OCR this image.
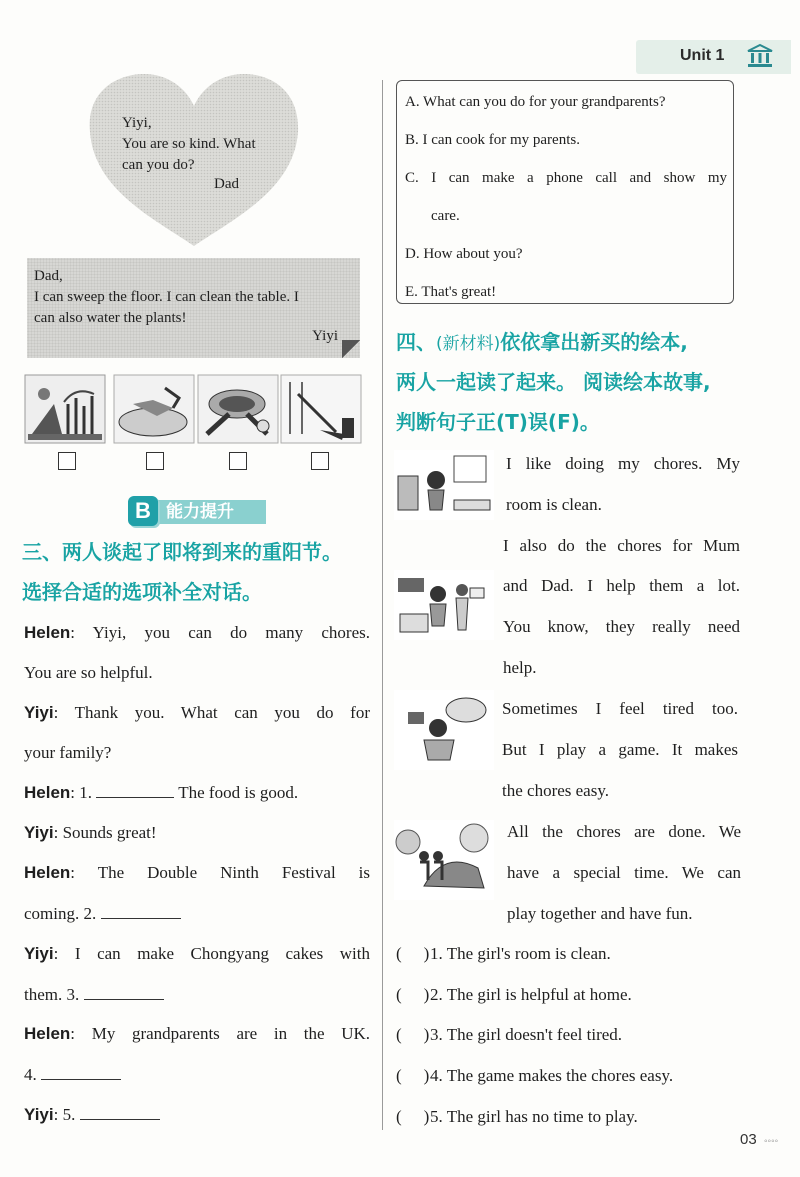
Unit 1
Yiyi,
You are so kind. What
can you do?
Dad
Dad,
I can sweep the floor. I can clean the table. I
can also water the plants!
Yiyi
能力提升
B
三、两人谈起了即将到来的重阳节。
选择合适的选项补全对话。
Helen: Yiyi, you can do many chores.
You are so helpful.
Yiyi: Thank you. What can you do for
your family?
Helen: 1.	The food is good.
Yiyi: Sounds great!
Helen: The Double Ninth Festival is
coming. 2.
Yiyi: I can make Chongyang cakes with
them. 3.
Helen: My grandparents are in the UK.
4.
Yiyi: 5.
A. What can you do for your grandparents?
B. I can cook for my parents.
C. I can make a phone call and show my
care.
D. How about you?
E. That's great!
四、(新材料)依依拿出新买的绘本,
两人一起读了起来。 阅读绘本故事,
判断句子正(T)误(F)。
I like doing my chores. My
room is clean.
I also do the chores for Mum
and Dad. I help them a lot.
You know, they really need
help.
Sometimes I feel tired too.
But I play a game. It makes
the chores easy.
All the chores are done. We
have a special time. We can
play together and have fun.
( )1. The girl's room is clean.
( )2. The girl is helpful at home.
( )3. The girl doesn't feel tired.
( )4. The game makes the chores easy.
( )5. The girl has no time to play.
03 ◦◦◦◦
